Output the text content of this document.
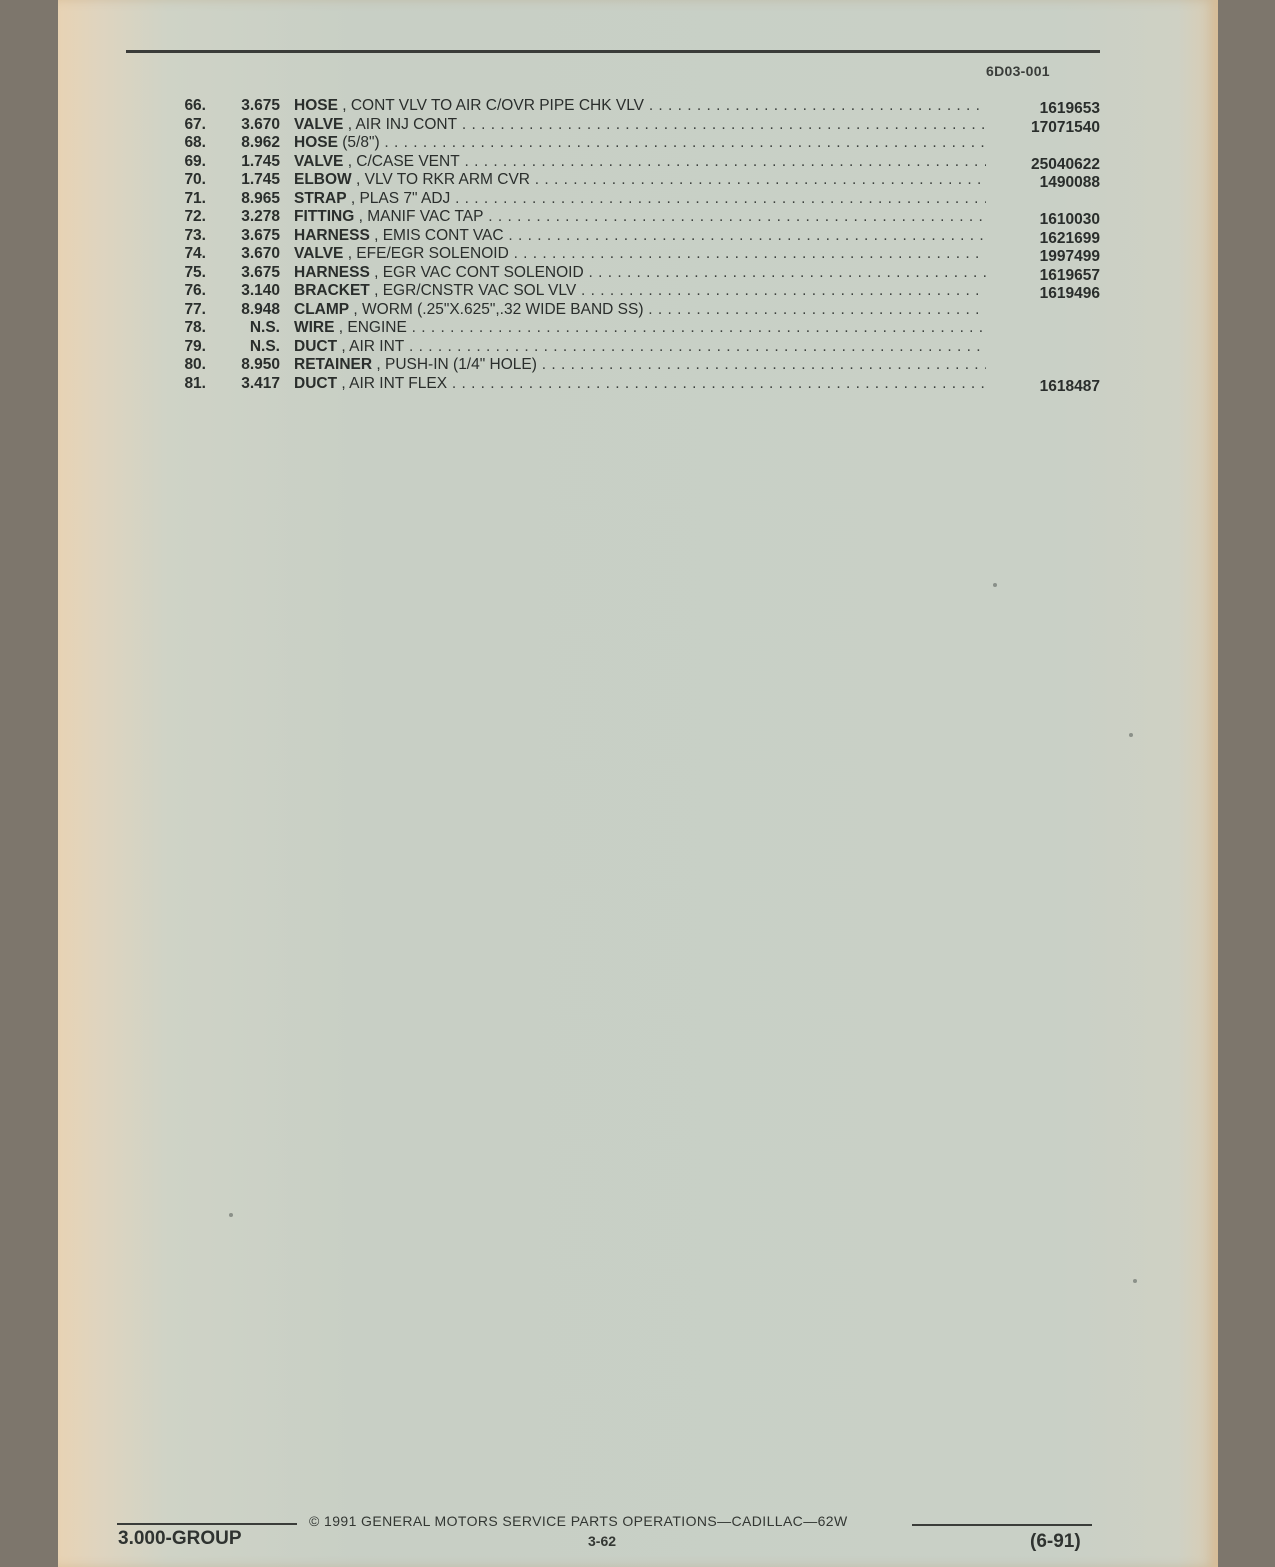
6D03-001
66.	3.675 HOSE , CONT VLV TO AIR C/OVR PIPE CHK VLV . . .	1619653
67.	3.670 VALVE , AIR INJ CONT . . .	17071540
68.	8.962 HOSE (5/8") . . .
69.	1.745 VALVE , C/CASE VENT . . .	25040622
70.	1.745 ELBOW , VLV TO RKR ARM CVR . . .	1490088
71.	8.965 STRAP , PLAS 7" ADJ . . .
72.	3.278 FITTING , MANIF VAC TAP . . .	1610030
73.	3.675 HARNESS , EMIS CONT VAC . . .	1621699
74.	3.670 VALVE , EFE/EGR SOLENOID . . .	1997499
75.	3.675 HARNESS , EGR VAC CONT SOLENOID . . .	1619657
76.	3.140 BRACKET , EGR/CNSTR VAC SOL VLV . . .	1619496
77.	8.948 CLAMP , WORM (.25"X.625",.32 WIDE BAND SS) . . .
78.	N.S. WIRE , ENGINE . . .
79.	N.S. DUCT , AIR INT . . .
80.	8.950 RETAINER , PUSH-IN (1/4" HOLE) . . .
81.	3.417 DUCT , AIR INT FLEX . . .	1618487
© 1991 GENERAL MOTORS SERVICE PARTS OPERATIONS—CADILLAC—62W
3.000-GROUP	3-62	(6-91)
